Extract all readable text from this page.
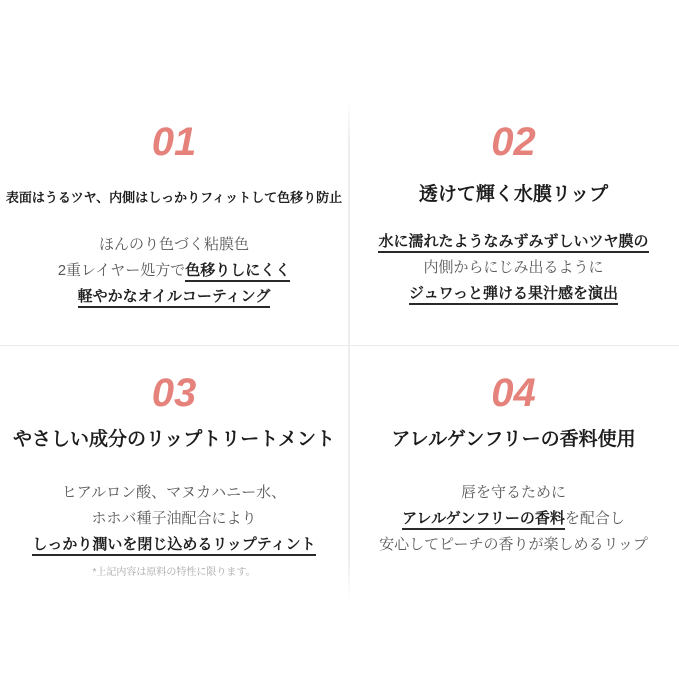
01
表面はうるツヤ、内側はしっかりフィットして色移り防止
ほんのり色づく粘膜色
2重レイヤー処方で色移りしにくく
軽やかなオイルコーティング
02
透けて輝く水膜リップ
水に濡れたようなみずみずしいツヤ膜の
内側からにじみ出るように
ジュワっと弾ける果汁感を演出
03
やさしい成分のリップトリートメント
ヒアルロン酸、マヌカハニー水、
ホホバ種子油配合により
しっかり潤いを閉じ込めるリップティント
*上記内容は原料の特性に限ります。
04
アレルゲンフリーの香料使用
唇を守るために
アレルゲンフリーの香料を配合し
安心してピーチの香りが楽しめるリップ
